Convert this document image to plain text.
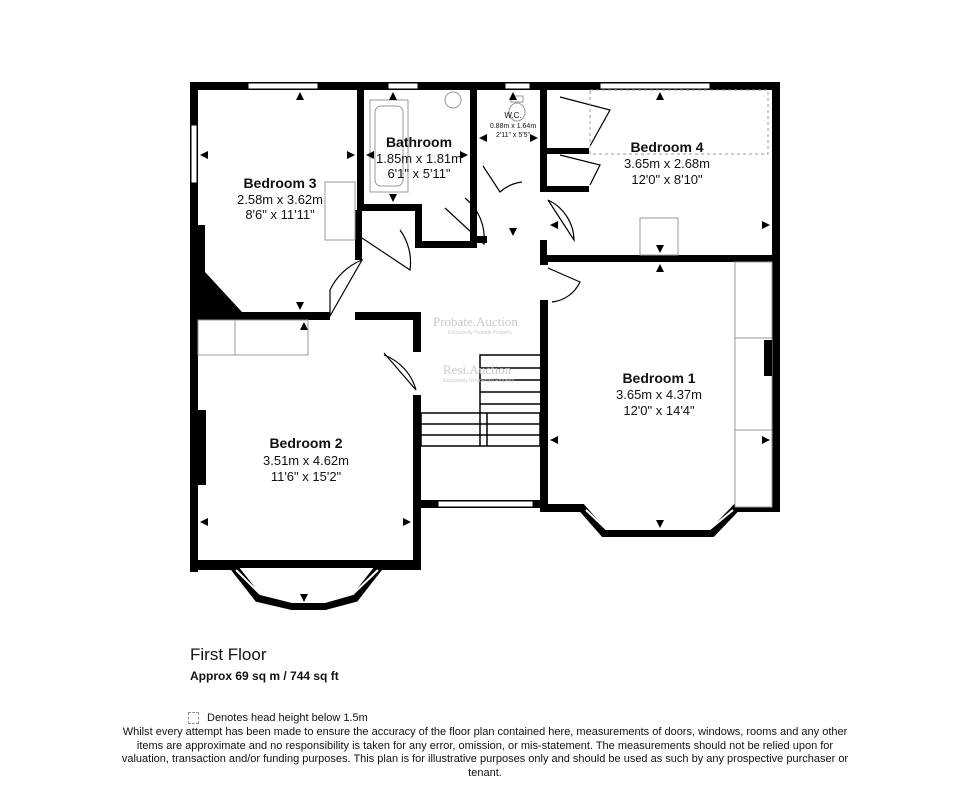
Probate.Auction
Exclusively Probate Property
Resi.Auction
Exclusively Residential Property
Bedroom 3
2.58m x 3.62m
8'6" x 11'11"
Bathroom
1.85m x 1.81m
6'1" x 5'11"
W.C.
0.88m x 1.64m
2'11" x 5'5"
Bedroom 4
3.65m x 2.68m
12'0" x 8'10"
Bedroom 1
3.65m x 4.37m
12'0" x 14'4"
Bedroom 2
3.51m x 4.62m
11'6" x 15'2"
First Floor
Approx 69 sq m / 744 sq ft
Denotes head height below 1.5m
Whilst every attempt has been made to ensure the accuracy of the floor plan contained here, measurements of doors, windows, rooms and any other items are approximate and no responsibility is taken for any error, omission, or mis-statement. The measurements should not be relied upon for valuation, transaction and/or funding purposes. This plan is for illustrative purposes only and should be used as such by any prospective purchaser or tenant.
